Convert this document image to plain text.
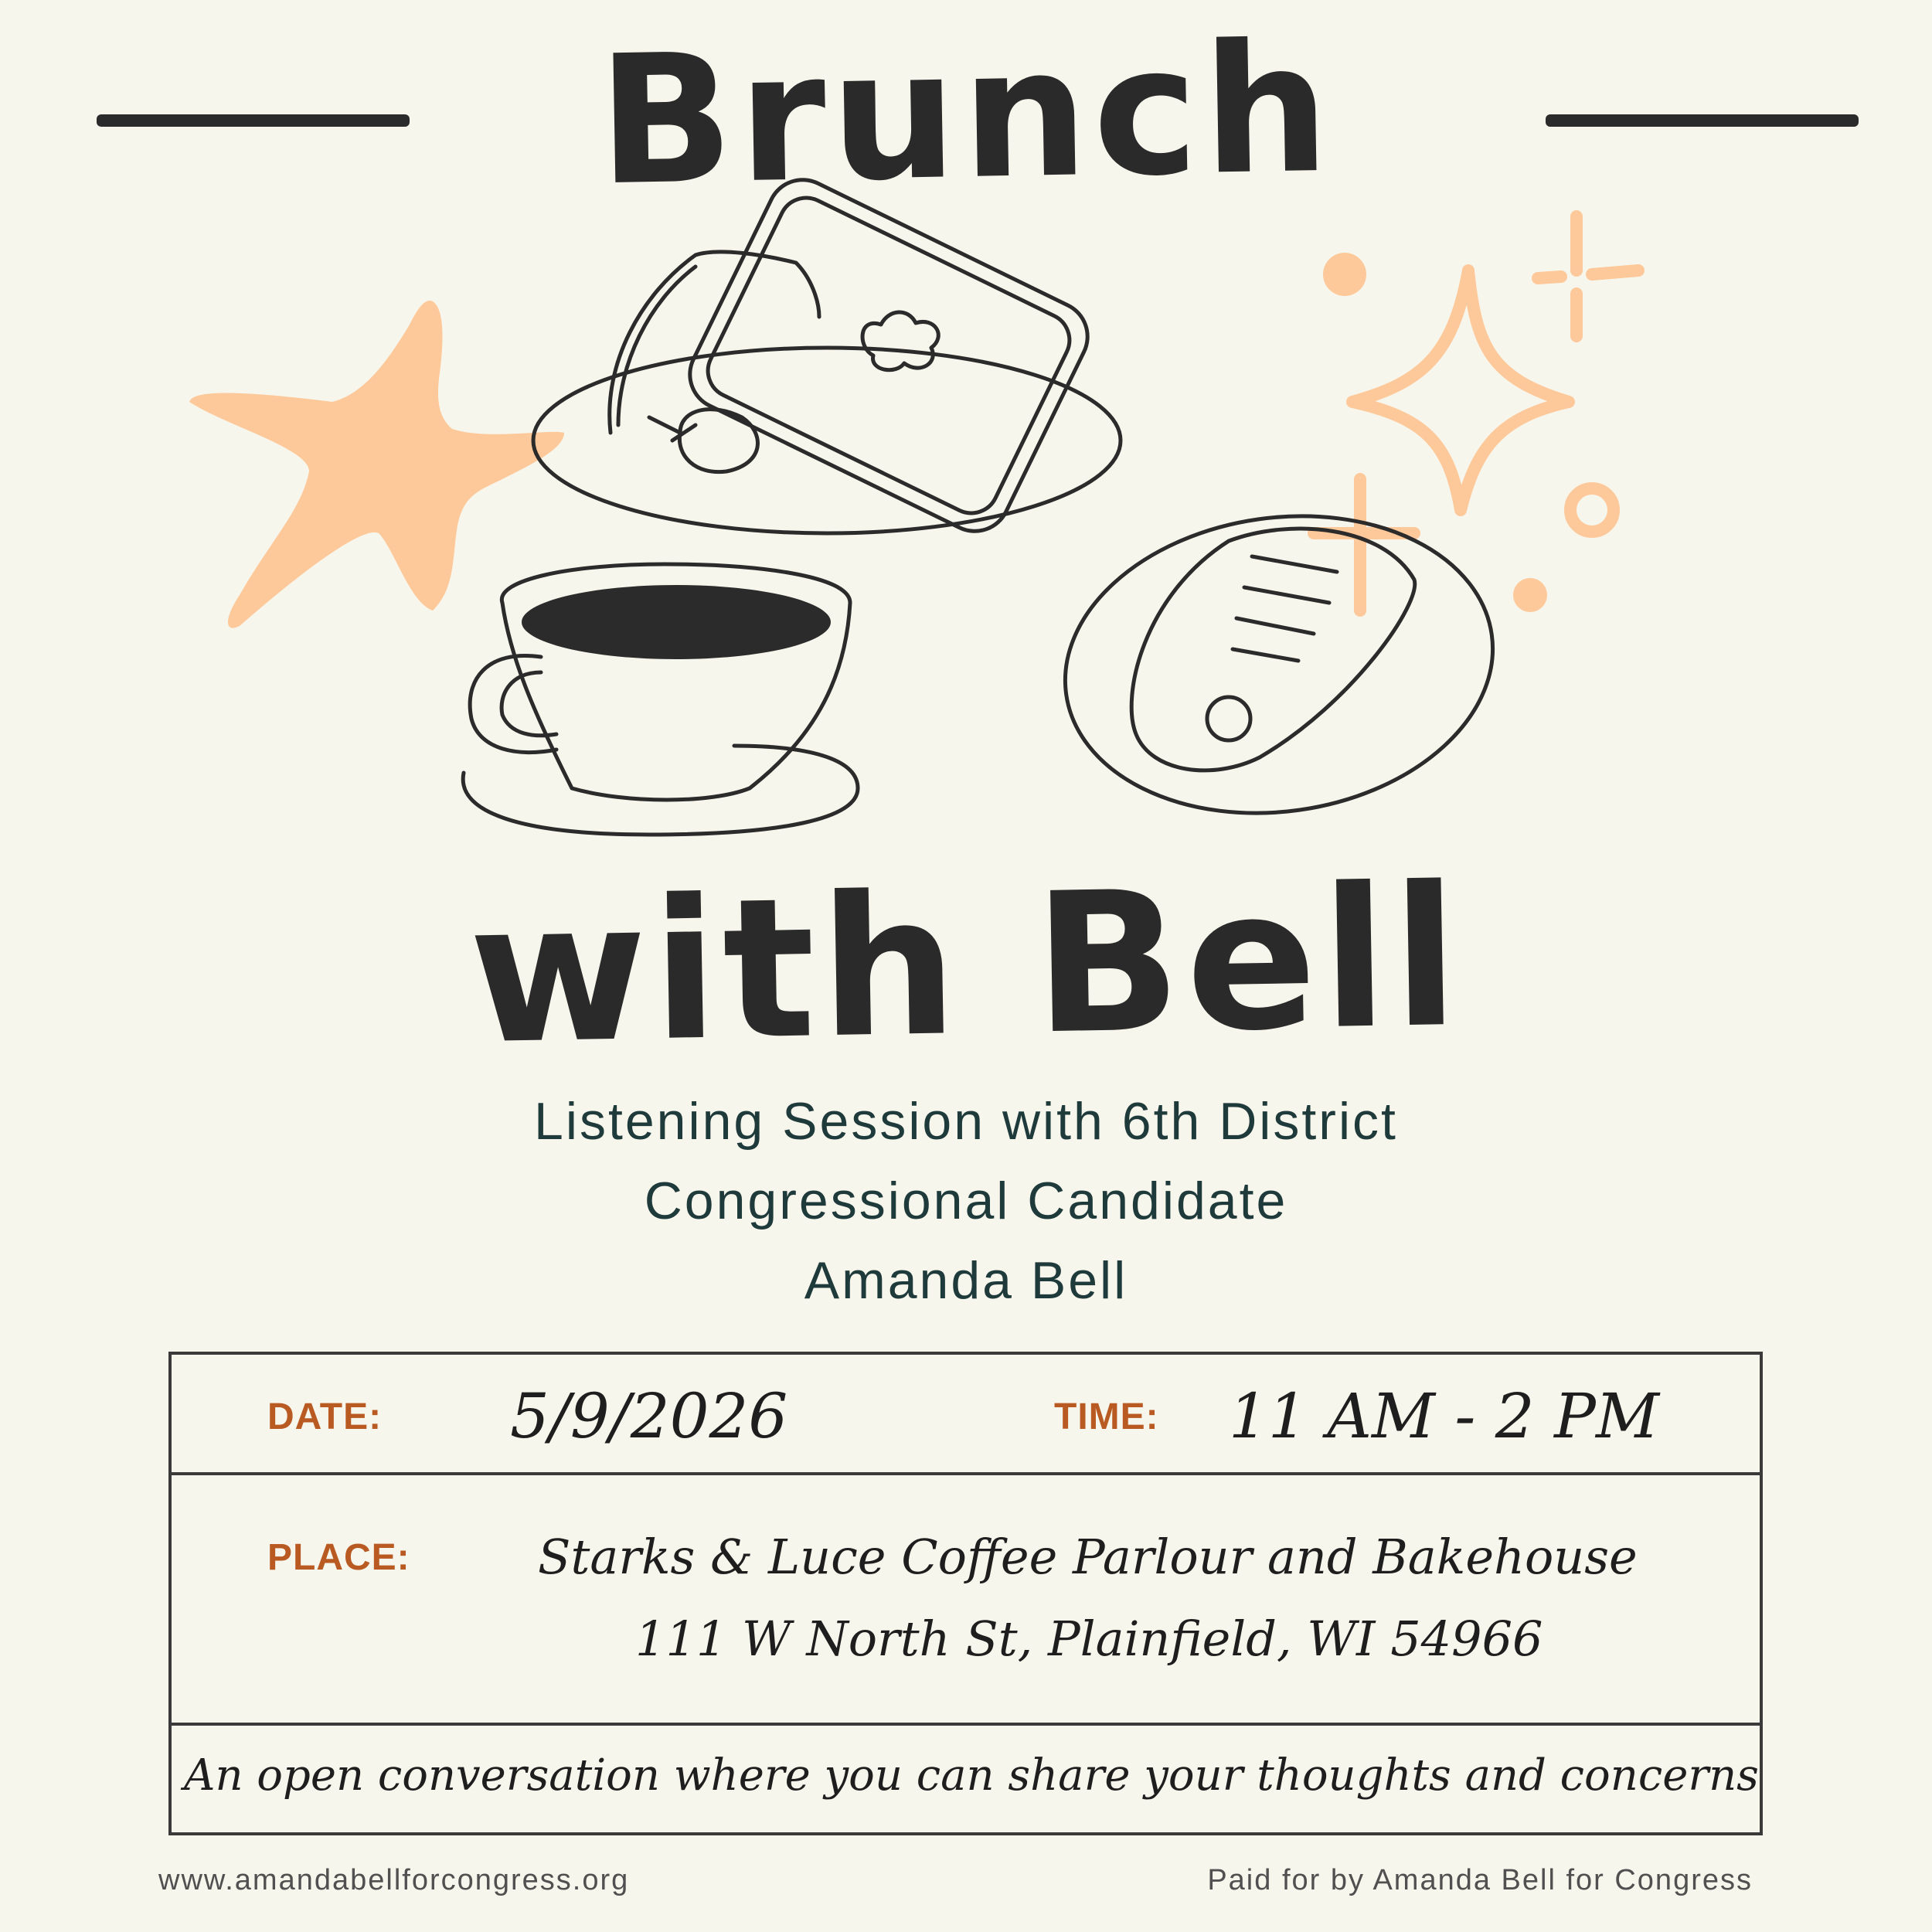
Brunch
with Bell
Listening Session with 6th District
Congressional Candidate
Amanda Bell
DATE: 5/9/2026	TIME: 11 AM - 2 PM
PLACE:	Starks & Luce Coffee Parlour and Bakehouse
111 W North St, Plainfield, WI 54966
An open conversation where you can share your thoughts and concerns
www.amandabellforcongress.org	Paid for by Amanda Bell for Congress
